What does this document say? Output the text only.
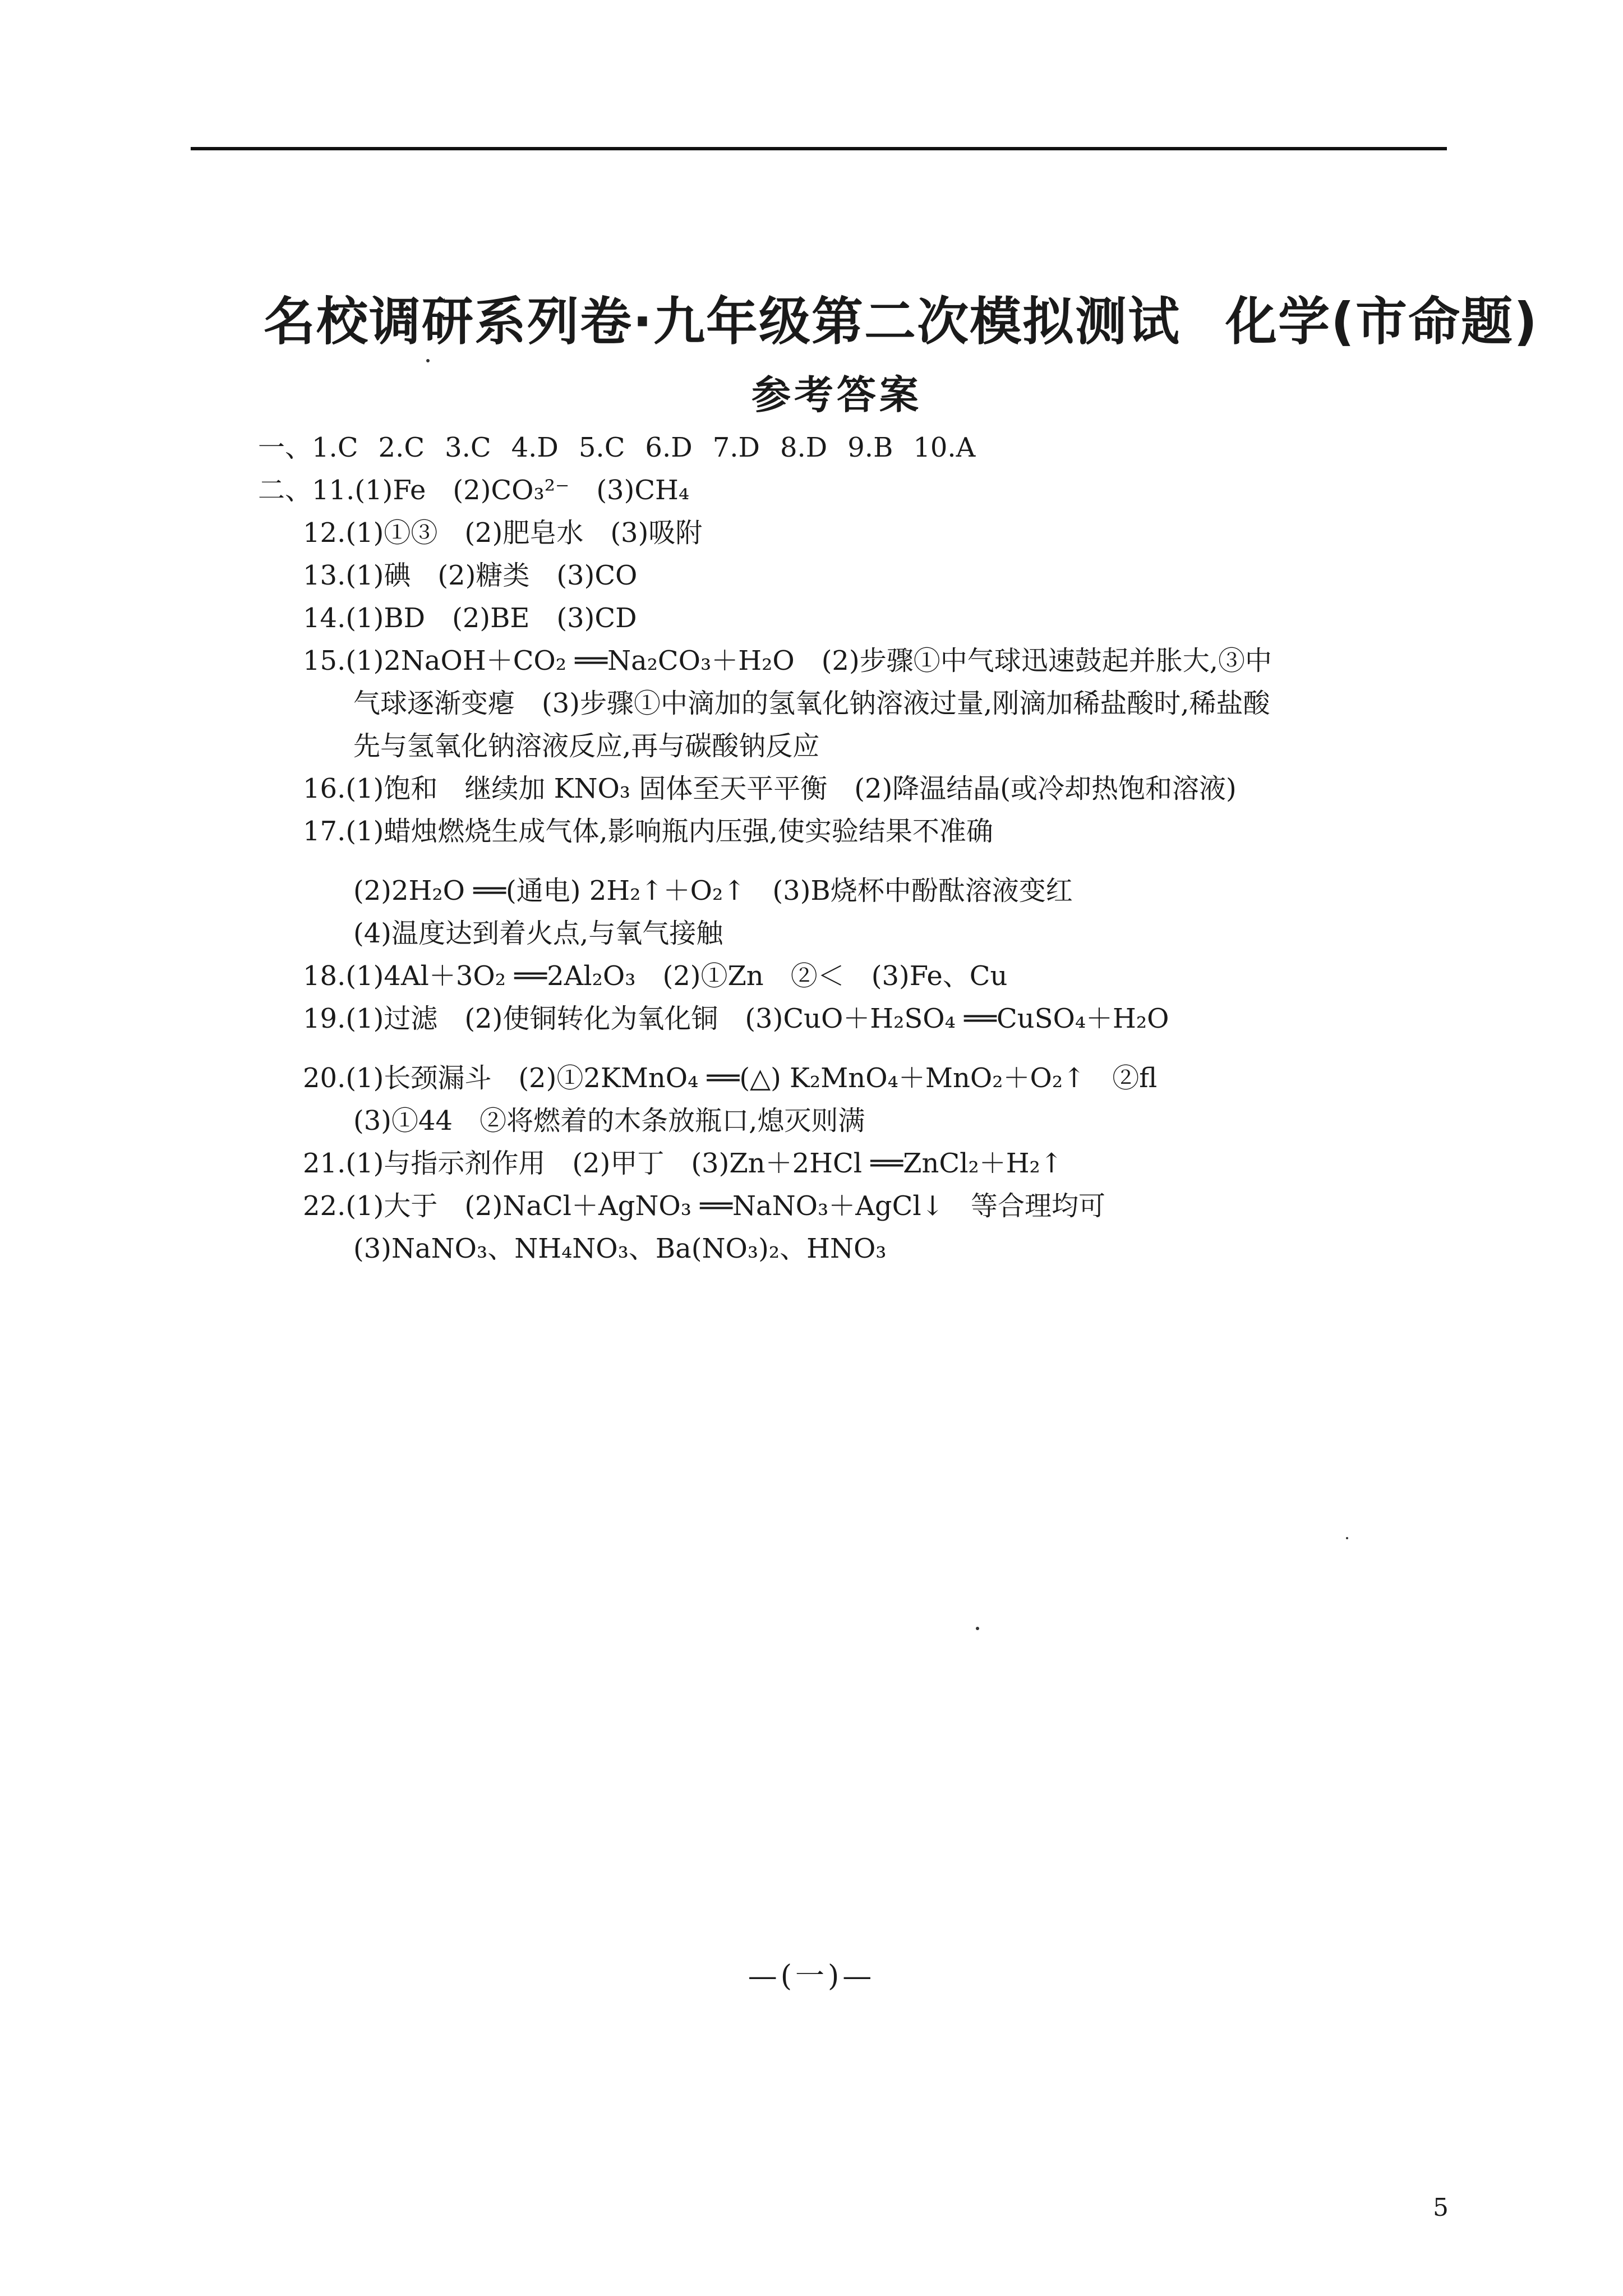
名校调研系列卷·九年级第二次模拟测试 化学(市命题)
参考答案
一、1.C 2.C 3.C 4.D 5.C 6.D 7.D 8.D 9.B 10.A
二、11.(1)Fe　(2)CO₃²⁻　(3)CH₄
12.(1)①③　(2)肥皂水　(3)吸附
13.(1)碘　(2)糖类　(3)CO
14.(1)BD　(2)BE　(3)CD
15.(1)2NaOH＋CO₂ ══Na₂CO₃＋H₂O　(2)步骤①中气球迅速鼓起并胀大,③中
气球逐渐变瘪　(3)步骤①中滴加的氢氧化钠溶液过量,刚滴加稀盐酸时,稀盐酸
先与氢氧化钠溶液反应,再与碳酸钠反应
16.(1)饱和　继续加 KNO₃ 固体至天平平衡　(2)降温结晶(或冷却热饱和溶液)
17.(1)蜡烛燃烧生成气体,影响瓶内压强,使实验结果不准确
(2)2H₂O ══(通电) 2H₂↑＋O₂↑　(3)B烧杯中酚酞溶液变红
(4)温度达到着火点,与氧气接触
18.(1)4Al＋3O₂ ══2Al₂O₃　(2)①Zn　②＜　(3)Fe、Cu
19.(1)过滤　(2)使铜转化为氧化铜　(3)CuO＋H₂SO₄ ══CuSO₄＋H₂O
20.(1)长颈漏斗　(2)①2KMnO₄ ══(△) K₂MnO₄＋MnO₂＋O₂↑　②fl
(3)①44　②将燃着的木条放瓶口,熄灭则满
21.(1)与指示剂作用　(2)甲丁　(3)Zn＋2HCl ══ZnCl₂＋H₂↑
22.(1)大于　(2)NaCl＋AgNO₃ ══NaNO₃＋AgCl↓　等合理均可
(3)NaNO₃、NH₄NO₃、Ba(NO₃)₂、HNO₃
—(一)—
5
